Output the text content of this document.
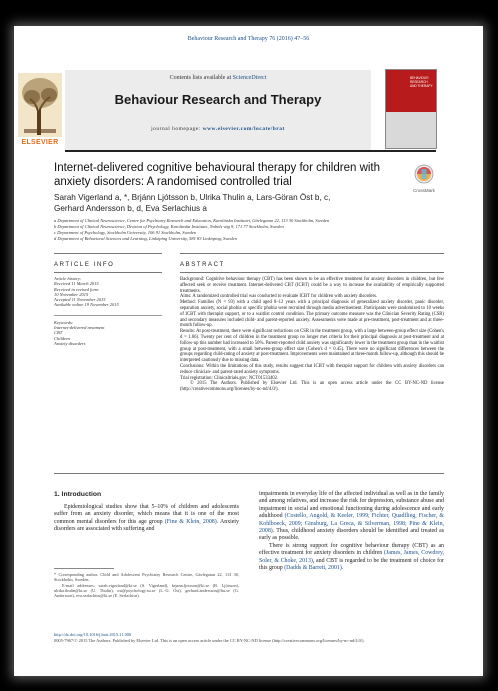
Behaviour Research and Therapy 76 (2016) 47–56
ELSEVIER
Contents lists available at ScienceDirect
Behaviour Research and Therapy
journal homepage: www.elsevier.com/locate/brat
BEHAVIOUR RESEARCH AND THERAPY
Internet-delivered cognitive behavioural therapy for children with anxiety disorders: A randomised controlled trial
CrossMark
Sarah Vigerland a, *, Brjánn Ljótsson b, Ulrika Thulin a, Lars-Göran Öst b, c,
Gerhard Andersson b, d, Eva Serlachius a
a Department of Clinical Neuroscience, Centre for Psychiatry Research and Education, Karolinska Institutet, Gävlegatan 22, 113 30 Stockholm, Sweden
b Department of Clinical Neuroscience, Division of Psychology, Karolinska Institutet, Nobels väg 9, 171 77 Stockholm, Sweden
c Department of Psychology, Stockholm University, 106 91 Stockholm, Sweden
d Department of Behavioral Sciences and Learning, Linköping University, 581 83 Linköping, Sweden
ARTICLE INFO	ABSTRACT
Article history:
Received 11 March 2015
Received in revised form
10 November 2015
Accepted 11 November 2015
Available online 19 November 2015
Keywords:
Internet-delivered treatment
CBT
Children
Anxiety disorders

Background: Cognitive behaviour therapy (CBT) has been shown to be an effective treatment for anxiety disorders in children, but few affected seek or receive treatment. Internet-delivered CBT (ICBT) could be a way to increase the availability of empirically supported treatments.

Aims: A randomized controlled trial was conducted to evaluate ICBT for children with anxiety disorders.

Method: Families (N = 93) with a child aged 8–12 years with a principal diagnosis of generalized anxiety disorder, panic disorder, separation anxiety, social phobia or specific phobia were recruited through media advertisement. Participants were randomized to 10 weeks of ICBT with therapist support, or to a waitlist control condition. The primary outcome measure was the Clinician Severity Rating (CSR) and secondary measures included child- and parent-reported anxiety. Assessments were made at pre-treatment, post-treatment and at three-month follow-up.

Results: At post-treatment, there were significant reductions on CSR in the treatment group, with a large between-group effect size (Cohen's d = 1.66). Twenty per cent of children in the treatment group no longer met criteria for their principal diagnosis at post-treatment and at follow-up this number had increased to 50%. Parent-reported child anxiety was significantly lower in the treatment group than in the waitlist group at post-treatment, with a small between-group effect size (Cohen's d = 0.45). There were no significant differences between the groups regarding child-rating of anxiety at post-treatment. Improvements were maintained at three-month follow-up, although this should be interpreted cautiously due to missing data.

Conclusions: Within the limitations of this study, results suggest that ICBT with therapist support for children with anxiety disorders can reduce clinician- and parent-rated anxiety symptoms.

Trial registration: Clinicaltrials.gov: NCT01533402.

© 2015 The Authors. Published by Elsevier Ltd. This is an open access article under the CC BY-NC-ND license (http://creativecommons.org/licenses/by-nc-nd/4.0/).

1. Introduction

Epidemiological studies show that 5–10% of children and adolescents suffer from an anxiety disorder, which means that it is one of the most common mental disorders for this age group (Fine & Klein, 2008). Anxiety disorders are associated with suffering and

impairments in everyday life of the affected individual as well as in the family and among relatives, and increase the risk for depression, substance abuse and impairment in social and emotional functioning during adolescence and early adulthood (Costello, Angold, & Keeler, 1999; Fichter, Quadflieg, Fischer, & Kohlboeck, 2009; Ginsburg, La Greca, & Silverman, 1998; Pine & Klein, 2008). Thus, childhood anxiety disorders should be identified and treated as early as possible.

There is strong support for cognitive behaviour therapy (CBT) as an effective treatment for anxiety disorders in children (James, James, Cowdrey, Soler, & Choke, 2013), and CBT is regarded to be the treatment of choice for this group (Dadds & Barrett, 2001).

* Corresponding author. Child and Adolescent Psychiatry Research Centre, Gävlegatan 22, 113 30, Stockholm, Sweden.
E-mail addresses: sarah.vigerland@ki.se (S. Vigerland), brjann.ljotsson@ki.se (B. Ljótsson), ulrika.thulin@ki.se (U. Thulin), ost@psychology.su.se (L.-G. Öst), gerhard.andersson@liu.se (G. Andersson), eva.serlachius@ki.se (E. Serlachius).
http://dx.doi.org/10.1016/j.brat.2015.11.006
0005-7967/© 2015 The Authors. Published by Elsevier Ltd. This is an open access article under the CC BY-NC-ND license (http://creativecommons.org/licenses/by-nc-nd/4.0/).
